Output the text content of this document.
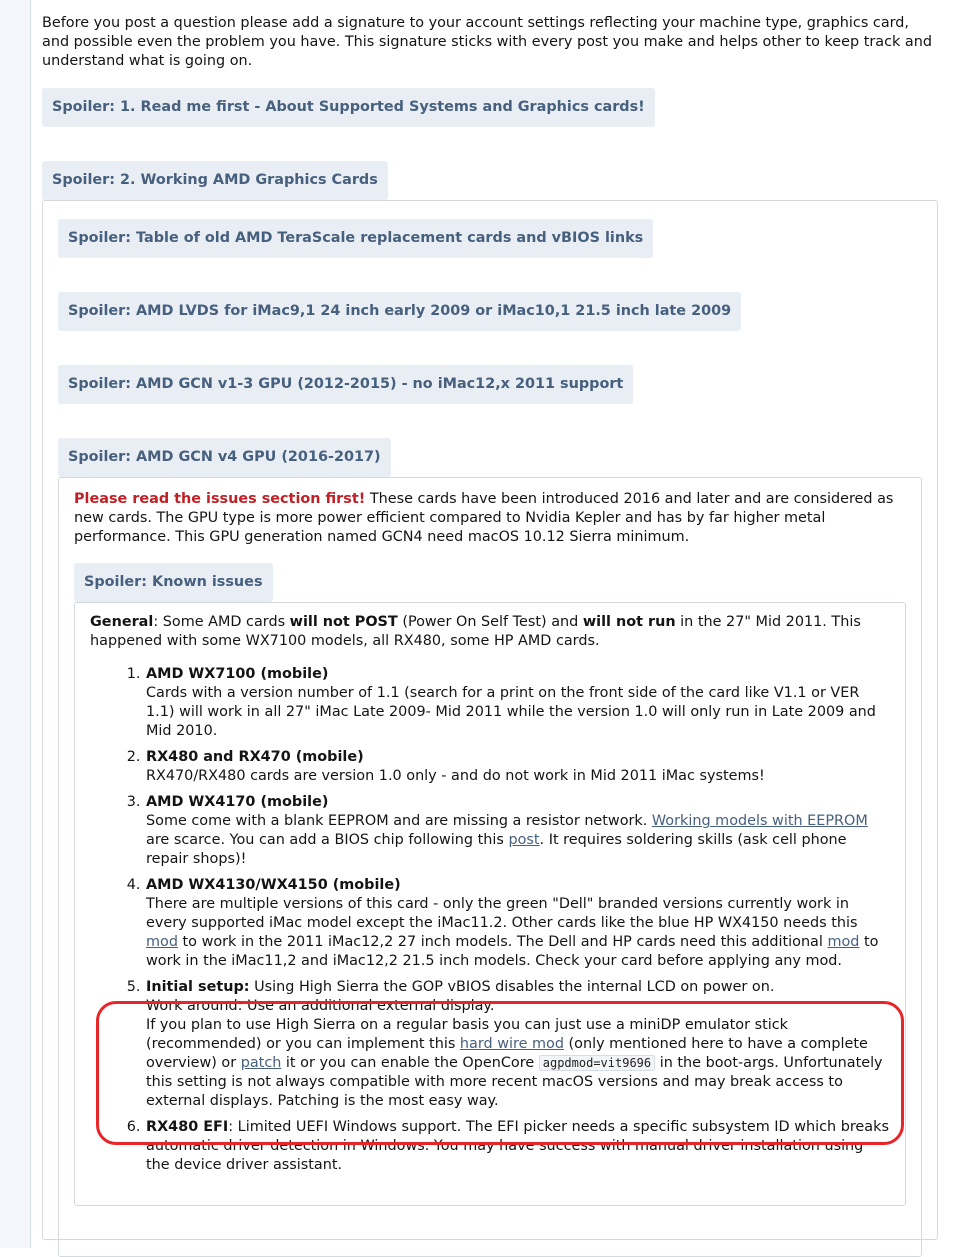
Before you post a question please add a signature to your account settings reflecting your machine type, graphics card, and possible even the problem you have. This signature sticks with every post you make and helps other to keep track and understand what is going on.

Spoiler: 1. Read me first - About Supported Systems and Graphics cards!
Spoiler: 2. Working AMD Graphics Cards
Spoiler: Table of old AMD TeraScale replacement cards and vBIOS links
Spoiler: AMD LVDS for iMac9,1 24 inch early 2009 or iMac10,1 21.5 inch late 2009
Spoiler: AMD GCN v1-3 GPU (2012-2015) - no iMac12,x 2011 support
Spoiler: AMD GCN v4 GPU (2016-2017)

Please read the issues section first! These cards have been introduced 2016 and later and are considered as new cards. The GPU type is more power efficient compared to Nvidia Kepler and has by far higher metal performance. This GPU generation named GCN4 need macOS 10.12 Sierra minimum.

Spoiler: Known issues

General: Some AMD cards will not POST (Power On Self Test) and will not run in the 27" Mid 2011. This happened with some WX7100 models, all RX480, some HP AMD cards.

1. AMD WX7100 (mobile)
Cards with a version number of 1.1 (search for a print on the front side of the card like V1.1 or VER 1.1) will work in all 27" iMac Late 2009- Mid 2011 while the version 1.0 will only run in Late 2009 and Mid 2010.
2. RX480 and RX470 (mobile)
RX470/RX480 cards are version 1.0 only - and do not work in Mid 2011 iMac systems!
3. AMD WX4170 (mobile)
Some come with a blank EEPROM and are missing a resistor network. Working models with EEPROM are scarce. You can add a BIOS chip following this post. It requires soldering skills (ask cell phone repair shops)!
4. AMD WX4130/WX4150 (mobile)
There are multiple versions of this card - only the green "Dell" branded versions currently work in every supported iMac model except the iMac11.2. Other cards like the blue HP WX4150 needs this mod to work in the 2011 iMac12,2 27 inch models. The Dell and HP cards need this additional mod to work in the iMac11,2 and iMac12,2 21.5 inch models. Check your card before applying any mod.
5. Initial setup: Using High Sierra the GOP vBIOS disables the internal LCD on power on.
Work around: Use an additional external display.
If you plan to use High Sierra on a regular basis you can just use a miniDP emulator stick (recommended) or you can implement this hard wire mod (only mentioned here to have a complete overview) or patch it or you can enable the OpenCore agpdmod=vit9696 in the boot-args. Unfortunately this setting is not always compatible with more recent macOS versions and may break access to external displays. Patching is the most easy way.
6. RX480 EFI: Limited UEFI Windows support. The EFI picker needs a specific subsystem ID which breaks automatic driver detection in Windows. You may have success with manual driver installation using the device driver assistant.
